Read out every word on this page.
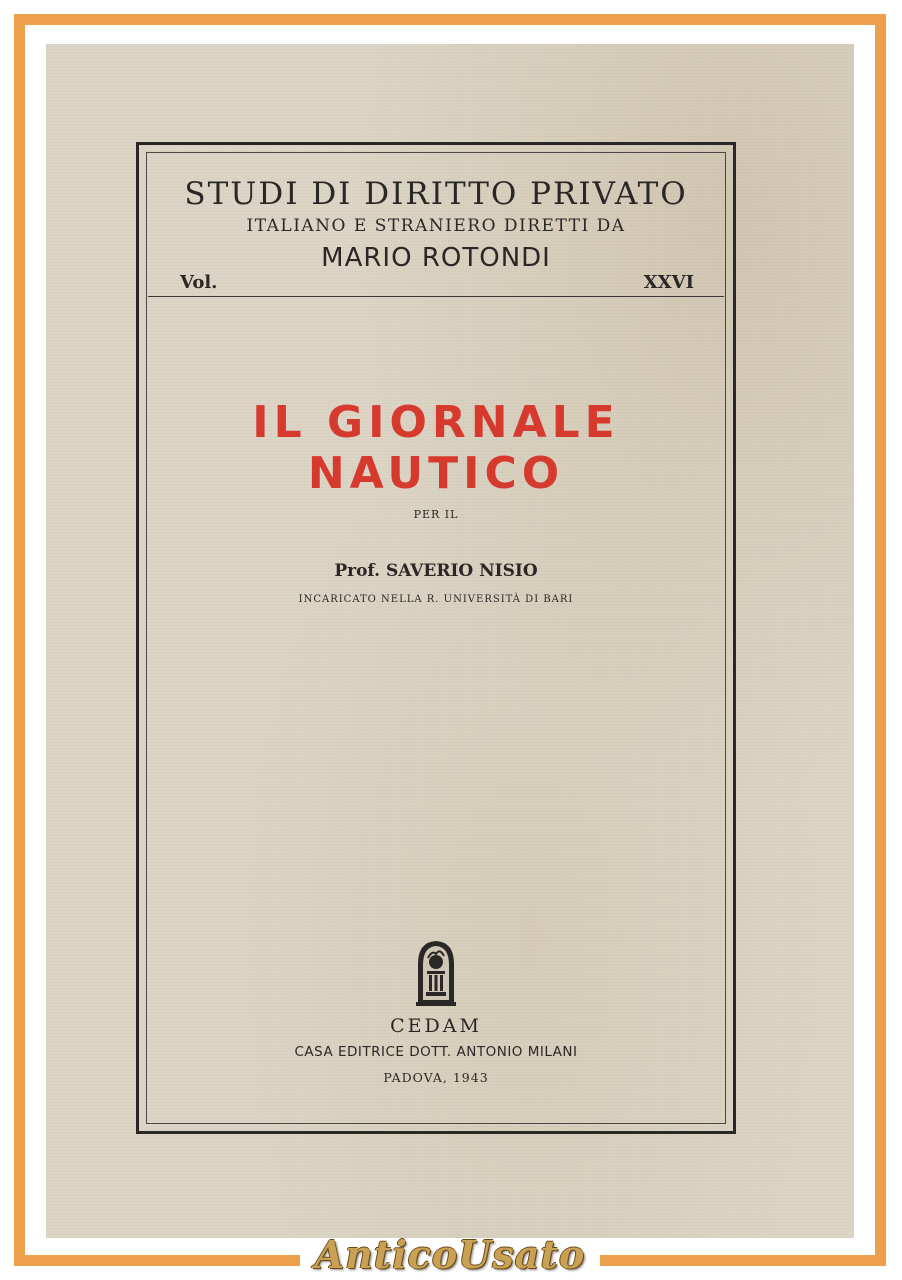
STUDI DI DIRITTO PRIVATO
ITALIANO E STRANIERO DIRETTI DA
MARIO ROTONDI
Vol.	XXVI
IL GIORNALE NAUTICO
PER IL
Prof. SAVERIO NISIO
INCARICATO NELLA R. UNIVERSITÀ DI BARI
CEDAM
CASA EDITRICE DOTT. ANTONIO MILANI
PADOVA, 1943
AnticoUsato
